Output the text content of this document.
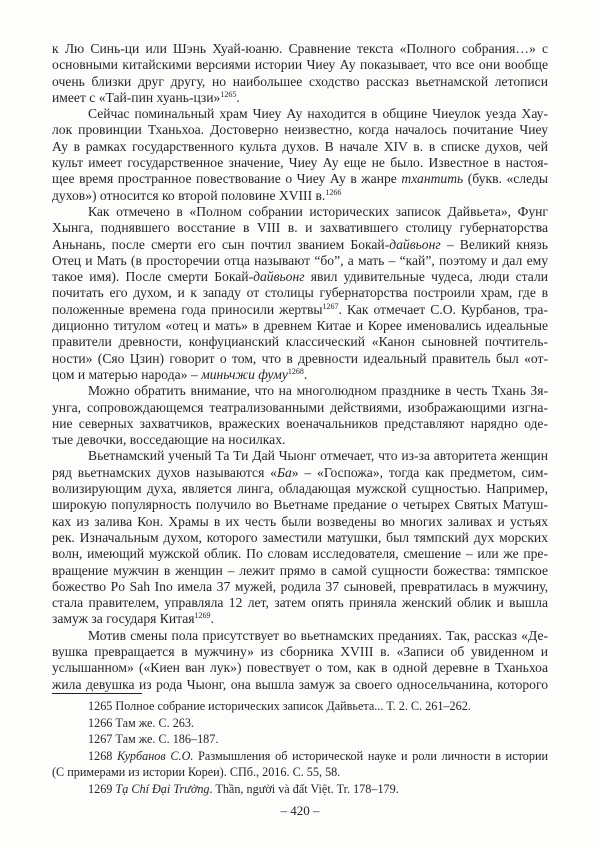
к Лю Синь-ци или Шэнь Хуай-юаню. Сравнение текста «Полного собрания…» с
основными китайскими версиями истории Чиеу Ау показывает, что все они вообще
очень близки друг другу, но наибольшее сходство рассказ вьетнамской летописи
имеет с «Тай-пин хуань-цзи»$^{1265}$.
Сейчас поминальный храм Чиеу Ау находится в общине Чиеулок уезда Хау-
лок провинции Тханьхоа. Достоверно неизвестно, когда началось почитание Чиеу
Ау в рамках государственного культа духов. В начале XIV в. в списке духов, чей
культ имеет государственное значение, Чиеу Ау еще не было. Известное в настоя-
щее время пространное повествование о Чиеу Ау в жанре тхантить (букв. «следы
духов») относится ко второй половине XVIII в.$^{1266}$
Как отмечено в «Полном собрании исторических записок Дайвьета», Фунг
Хынга, поднявшего восстание в VIII в. и захватившего столицу губернаторства
Аньнань, после смерти его сын почтил званием Бокай-дайвьонг – Великий князь
Отец и Мать (в просторечии отца называют “бо”, а мать – “кай”, поэтому и дал ему
такое имя). После смерти Бокай-дайвьонг явил удивительные чудеса, люди стали
почитать его духом, и к западу от столицы губернаторства построили храм, где в
положенные времена года приносили жертвы$^{1267}$. Как отмечает С.О. Курбанов, тра-
диционно титулом «отец и мать» в древнем Китае и Корее именовались идеальные
правители древности, конфуцианский классический «Канон сыновней почтитель-
ности» (Сяо Цзин) говорит о том, что в древности идеальный правитель был «от-
цом и матерью народа» – миньчжи фуму$^{1268}$.
Можно обратить внимание, что на многолюдном празднике в честь Тхань Зя-
унга, сопровождающемся театрализованными действиями, изображающими изгна-
ние северных захватчиков, вражеских военачальников представляют нарядно оде-
тые девочки, восседающие на носилках.
Вьетнамский ученый Та Ти Дай Чыонг отмечает, что из-за авторитета женщин
ряд вьетнамских духов называются «Ба» – «Госпожа», тогда как предметом, сим-
волизирующим духа, является линга, обладающая мужской сущностью. Например,
широкую популярность получило во Вьетнаме предание о четырех Святых Матуш-
ках из залива Кон. Храмы в их честь были возведены во многих заливах и устьях
рек. Изначальным духом, которого заместили матушки, был тямпский дух морских
волн, имеющий мужской облик. По словам исследователя, смешение – или же пре-
вращение мужчин в женщин – лежит прямо в самой сущности божества: тямпское
божество Po Sah Ino имела 37 мужей, родила 37 сыновей, превратилась в мужчину,
стала правителем, управляла 12 лет, затем опять приняла женский облик и вышла
замуж за государя Китая$^{1269}$.
Мотив смены пола присутствует во вьетнамских преданиях. Так, рассказ «Де-
вушка превращается в мужчину» из сборника XVIII в. «Записи об увиденном и
услышанном» («Киен ван лук») повествует о том, как в одной деревне в Тханьхоа
жила девушка из рода Чыонг, она вышла замуж за своего односельчанина, которого
1265 Полное собрание исторических записок Дайвьета... Т. 2. С. 261–262.
1266 Там же. С. 263.
1267 Там же. С. 186–187.
1268 Курбанов С.О. Размышления об исторической науке и роли личности в истории
(С примерами из истории Кореи). СПб., 2016. С. 55, 58.
1269 Tạ Chí Đại Trường. Thần, người và đất Việt. Tr. 178–179.
– 420 –
